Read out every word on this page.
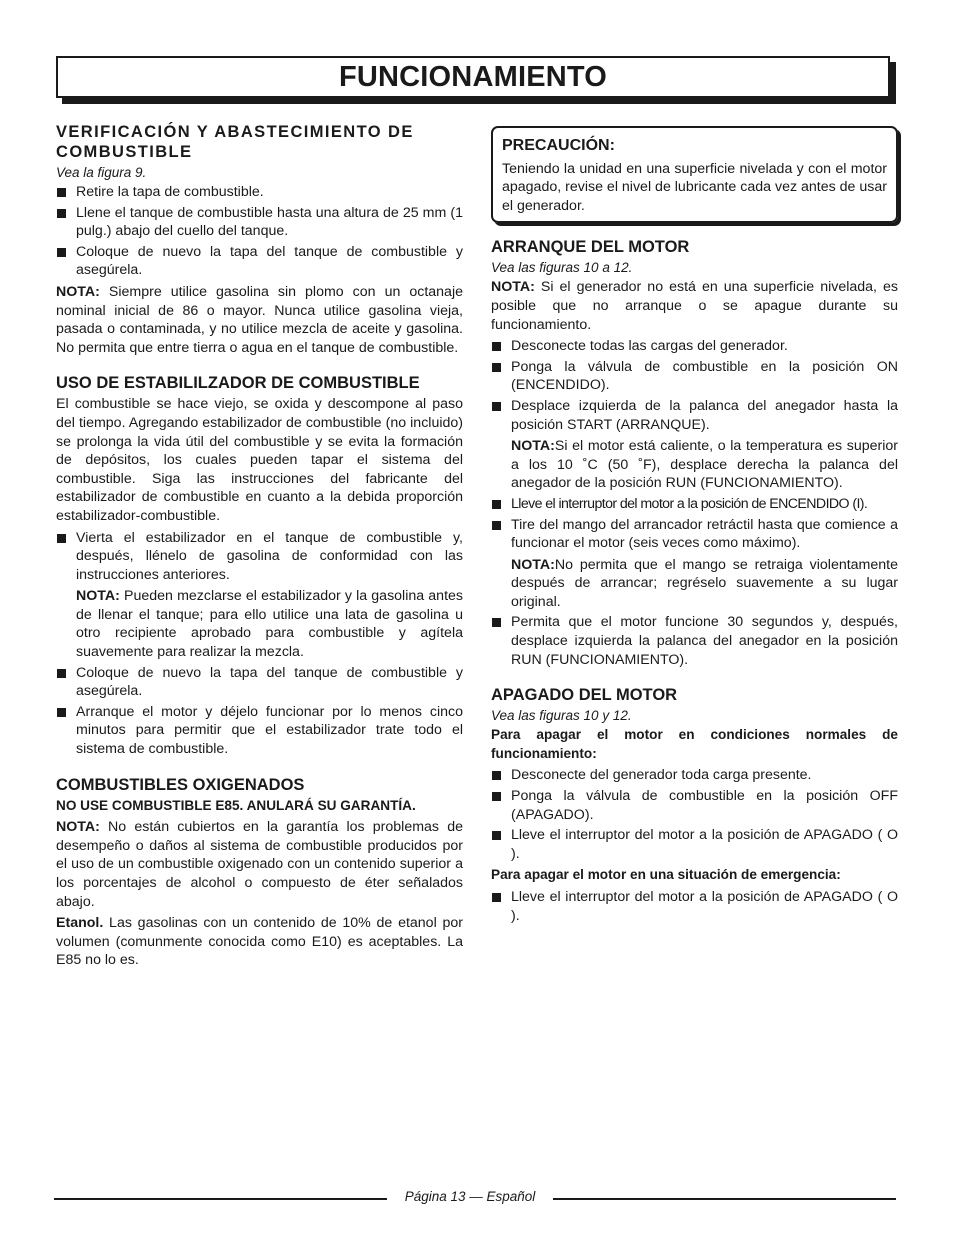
FUNCIONAMIENTO
VERIFICACIÓN Y ABASTECIMIENTO DE COMBUSTIBLE
Vea la figura 9.
Retire la tapa de combustible.
Llene el tanque de combustible hasta una altura de 25 mm (1 pulg.) abajo del cuello del tanque.
Coloque de nuevo la tapa del tanque de combustible y asegúrela.

NOTA: Siempre utilice gasolina sin plomo con un octanaje nominal inicial de 86 o mayor. Nunca utilice gasolina vieja, pasada o contaminada, y no utilice mezcla de aceite y gasolina. No permita que entre tierra o agua en el tanque de combustible.

USO DE ESTABILILZADOR DE COMBUSTIBLE

El combustible se hace viejo, se oxida y descompone al paso del tiempo. Agregando estabilizador de combustible (no incluido) se prolonga la vida útil del combustible y se evita la formación de depósitos, los cuales pueden tapar el sistema del combustible. Siga las instrucciones del fabricante del estabilizador de combustible en cuanto a la debida proporción estabilizador-combustible.

Vierta el estabilizador en el tanque de combustible y, después, llénelo de gasolina de conformidad con las instrucciones anteriores.

NOTA: Pueden mezclarse el estabilizador y la gasolina antes de llenar el tanque; para ello utilice una lata de gasolina u otro recipiente aprobado para combustible y agítela suavemente para realizar la mezcla.

Coloque de nuevo la tapa del tanque de combustible y asegúrela.
Arranque el motor y déjelo funcionar por lo menos cinco minutos para permitir que el estabilizador trate todo el sistema de combustible.
COMBUSTIBLES OXIGENADOS

NO USE COMBUSTIBLE E85. ANULARÁ SU GARANTÍA.

NOTA: No están cubiertos en la garantía los problemas de desempeño o daños al sistema de combustible producidos por el uso de un combustible oxigenado con un contenido superior a los porcentajes de alcohol o compuesto de éter señalados abajo.

Etanol. Las gasolinas con un contenido de 10% de etanol por volumen (comunmente conocida como E10) es aceptables. La E85 no lo es.

PRECAUCIÓN:

Teniendo la unidad en una superficie nivelada y con el motor apagado, revise el nivel de lubricante cada vez antes de usar el generador.

ARRANQUE DEL MOTOR
Vea las figuras 10 a 12.

NOTA: Si el generador no está en una superficie nivelada, es posible que no arranque o se apague durante su funcionamiento.

Desconecte todas las cargas del generador.
Ponga la válvula de combustible en la posición ON (ENCENDIDO).
Desplace izquierda de la palanca del anegador hasta la posición START (ARRANQUE).

NOTA:Si el motor está caliente, o la temperatura es superior a los 10 ˚C (50 ˚F), desplace derecha la palanca del anegador de la posición RUN (FUNCIONAMIENTO).

Lleve el interruptor del motor a la posición de ENCENDIDO (I).
Tire del mango del arrancador retráctil hasta que comience a funcionar el motor (seis veces como máximo).

NOTA:No permita que el mango se retraiga violentamente después de arrancar; regréselo suavemente a su lugar original.

Permita que el motor funcione 30 segundos y, después, desplace izquierda la palanca del anegador en la posición RUN (FUNCIONAMIENTO).
APAGADO DEL MOTOR
Vea las figuras 10 y 12.

Para apagar el motor en condiciones normales de funcionamiento:

Desconecte del generador toda carga presente.
Ponga la válvula de combustible en la posición OFF (APAGADO).
Lleve el interruptor del motor a la posición de APAGADO ( O ).

Para apagar el motor en una situación de emergencia:

Lleve el interruptor del motor a la posición de APAGADO ( O ).
Página 13 — Español
